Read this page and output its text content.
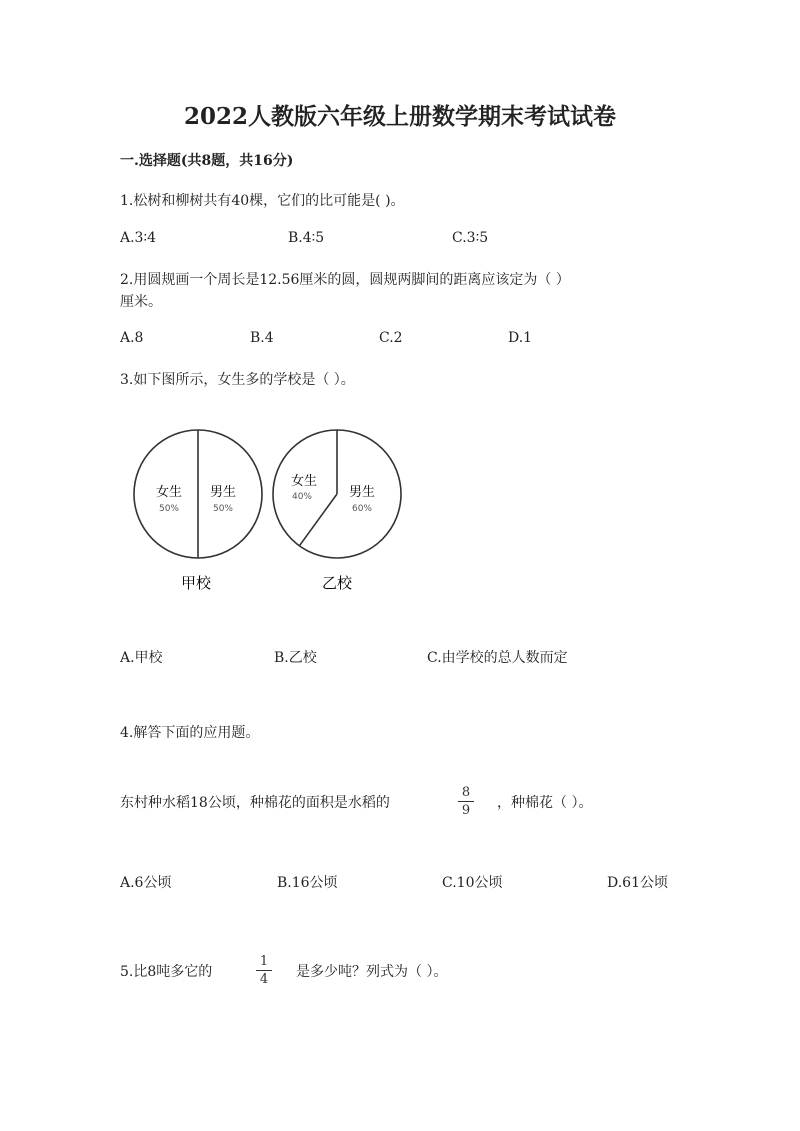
2022人教版六年级上册数学期末考试试卷
一.选择题(共8题，共16分)
1.松树和柳树共有40棵，它们的比可能是( )。
A.3∶4	B.4∶5	C.3∶5
2.用圆规画一个周长是12.56厘米的圆，圆规两脚间的距离应该定为（ ）
厘米。
A.8	B.4	C.2	D.1
3.如下图所示，女生多的学校是（ ）。
女生
50%
男生
50%
甲校
女生
40%	男生
60%
乙校
A.甲校	B.乙校	C.由学校的总人数而定
4.解答下面的应用题。
东村种水稻18公顷，种棉花的面积是水稻的
8
9 ，种棉花（ ）。
A.6公顷	B.16公顷	C.10公顷	D.61公顷
5.比8吨多它的
1
4 是多少吨？列式为（ ）。
